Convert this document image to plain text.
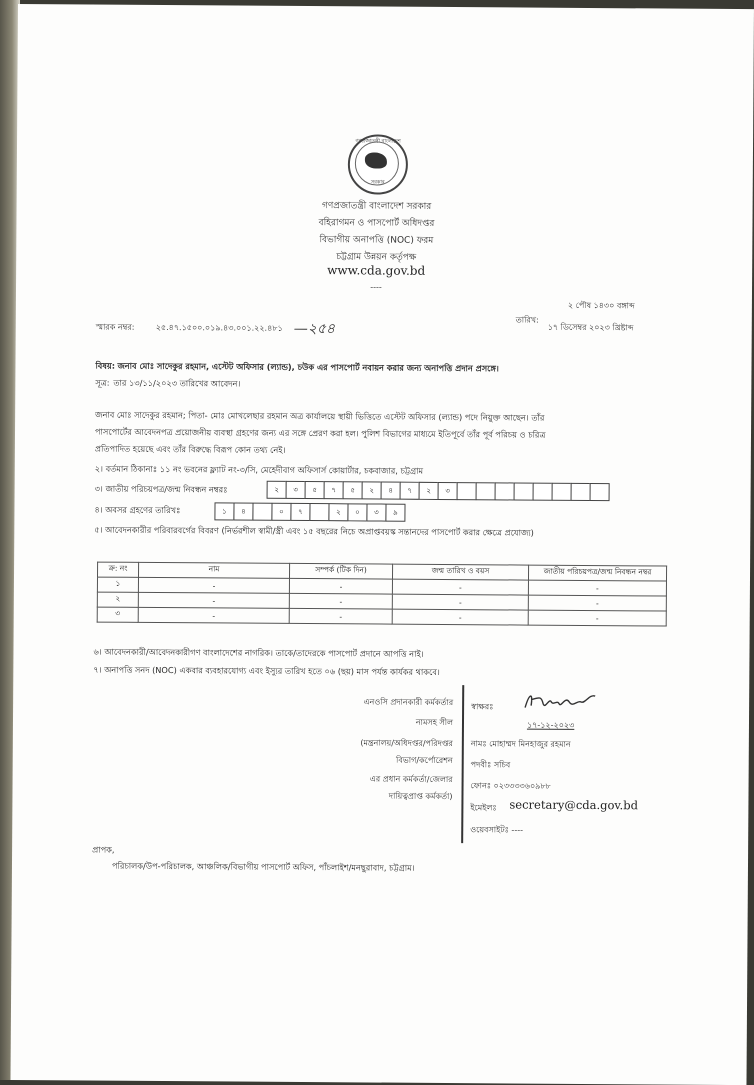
গণপ্রজাতন্ত্রী বাংলাদেশ
সরকার
গণপ্রজাতন্ত্রী বাংলাদেশ সরকার
বহিরাগমন ও পাসপোর্ট অধিদপ্তর
বিভাগীয় অনাপত্তি (NOC) ফরম
চট্টগ্রাম উন্নয়ন কর্তৃপক্ষ
www.cda.gov.bd
----
২ পৌষ ১৪৩০ বঙ্গাব্দ
তারিখ:
১৭ ডিসেম্বর ২০২৩ খ্রিষ্টাব্দ
স্মারক নম্বর:	২৫.৪৭.১৫০০.০১৯.৪৩.০০১.২২.৪৮১ —২৫৪
বিষয়: জনাব মোঃ সাদেকুর রহমান, এস্টেট অফিসার (ল্যান্ড), চউক এর পাসপোর্ট নবায়ন করার জন্য অনাপত্তি প্রদান প্রসঙ্গে।
সূত্র: তার ১৩/১১/২০২৩ তারিখের আবেদন।
জনাব মোঃ সাদেকুর রহমান; পিতা- মোঃ মোখলেছার রহমান অত্র কার্যালয়ে স্থায়ী ভিত্তিতে এস্টেট অফিসার (ল্যান্ড) পদে নিয়ুক্ত আছেন। তাঁর
পাসপোর্টের আবেদনপত্র প্রয়োজনীয় ব্যবস্থা গ্রহণের জন্য এর সঙ্গে প্রেরণ করা হল। পুলিশ বিভাগের মাধ্যমে ইতিপূর্বে তাঁর পূর্ব পরিচয় ও চরিত্র
প্রতিপাদিত হয়েছে এবং তাঁর বিরুদ্ধে বিরূপ কোন তথ্য নেই।
২। বর্তমান ঠিকানাঃ ১১ নং ভবনের ফ্ল্যাট নং-৩/সি, মেহেদীবাগ অফিসার্স কোয়ার্টার, চকবাজার, চট্টগ্রাম
৩। জাতীয় পরিচয়পত্র/জন্ম নিবন্ধন নম্বরঃ	২	৩	৫	৭	৫	২	৪	৭	২	৩
৪। অবসর গ্রহণের তারিখঃ	১	৪	০	৭	২	০	৩	৯
৫। আবেদনকারীর পরিবারবর্গের বিবরণ (নির্ভরশীল স্বামী/স্ত্রী এবং ১৫ বছরের নিচে অপ্রাপ্তবয়স্ক সন্তানদের পাসপোর্ট করার ক্ষেত্রে প্রযোজ্য)
ক্র: নং	নাম	সম্পর্ক (টিক দিন)	জন্ম তারিখ ও বয়স	জাতীয় পরিচয়পত্র/জন্ম নিবন্ধন নম্বর
১	-	-	-	-
২	-	-	-	-
৩	-	-	-	-
৬। আবেদনকারী/আবেদনকারীগণ বাংলাদেশের নাগরিক। তাকে/তাদেরকে পাসপোর্ট প্রদানে আপত্তি নাই।
৭। অনাপত্তি সনদ (NOC) একবার ব্যবহারযোগ্য এবং ইস্যুর তারিখ হতে ০৬ (ছয়) মাস পর্যন্ত কার্যকর থাকবে।
এনওসি প্রদানকারী কর্মকর্তার
নামসহ সীল
(মন্ত্রনালয়/অধিদপ্তর/পরিদপ্তর
বিভাগ/কর্পোরেশন
এর প্রধান কর্মকর্তা/জেলার
দায়িত্বপ্রাপ্ত কর্মকর্তা)
স্বাক্ষরঃ
১৭-১২-২০২৩
নামঃ মোহাম্মদ মিনহাজুর রহমান
পদবীঃ সচিব
ফোনঃ ০২৩৩৩৩৬০৯৮৮
ইমেইলঃ secretary@cda.gov.bd
ওয়েবসাইটঃ ----
প্রাপক,
পরিচালক/উপ-পরিচালক, আঞ্চলিক/বিভাগীয় পাসপোর্ট অফিস, পাঁচলাইশ/মনছুরাবাদ, চট্টগ্রাম।
